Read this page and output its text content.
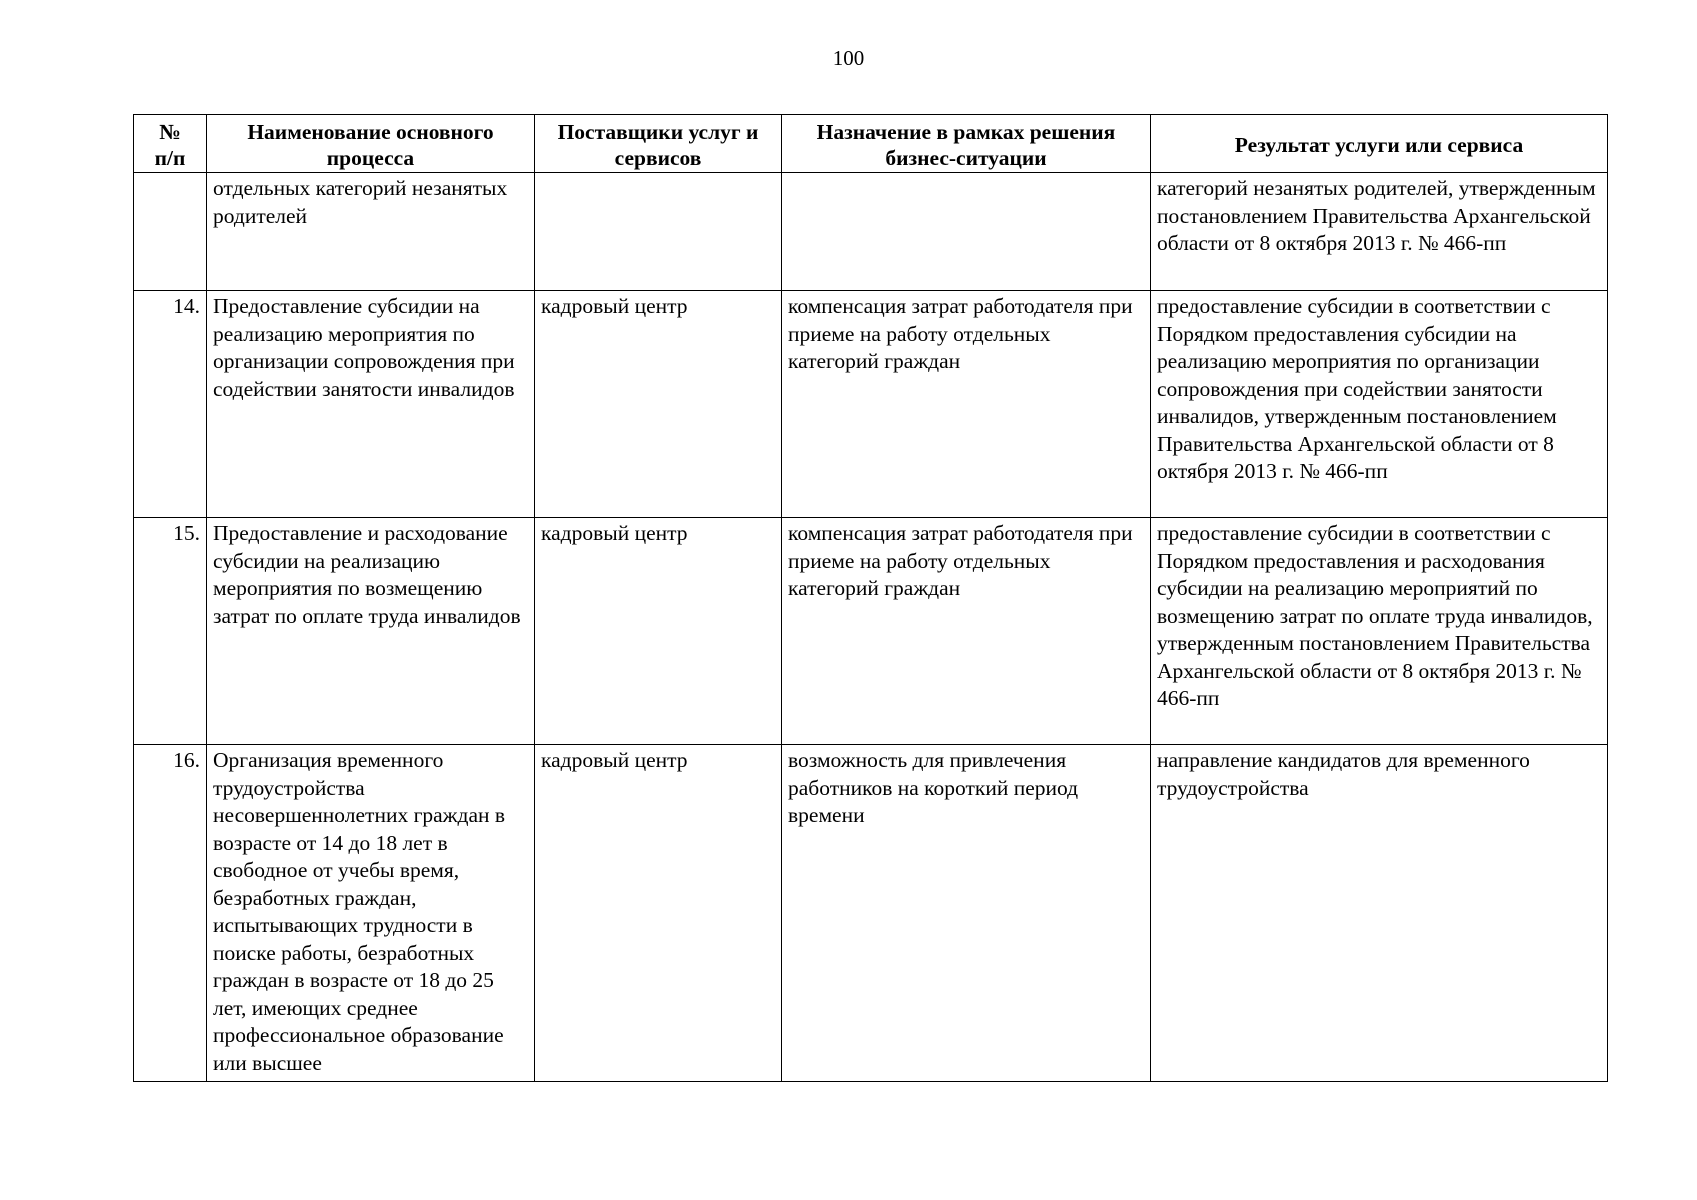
100
№
п/п	Наименование основного процесса	Поставщики услуг и сервисов	Назначение в рамках решения бизнес-ситуации	Результат услуги или сервиса
	отдельных категорий незанятых родителей			категорий незанятых родителей, утвержденным постановлением Правительства Архангельской области от 8 октября 2013 г. № 466-пп
14.	Предоставление субсидии на реализацию мероприятия по организации сопровождения при содействии занятости инвалидов	кадровый центр	компенсация затрат работодателя при приеме на работу отдельных категорий граждан	предоставление субсидии в соответствии с Порядком предоставления субсидии на реализацию мероприятия по организации сопровождения при содействии занятости инвалидов, утвержденным постановлением Правительства Архангельской области от 8 октября 2013 г. № 466-пп
15.	Предоставление и расходование субсидии на реализацию мероприятия по возмещению затрат по оплате труда инвалидов	кадровый центр	компенсация затрат работодателя при приеме на работу отдельных категорий граждан	предоставление субсидии в соответствии с Порядком предоставления и расходования субсидии на реализацию мероприятий по возмещению затрат по оплате труда инвалидов, утвержденным постановлением Правительства Архангельской области от 8 октября 2013 г. № 466-пп
16.	Организация временного трудоустройства несовершеннолетних граждан в возрасте от 14 до 18 лет в свободное от учебы время, безработных граждан, испытывающих трудности в поиске работы, безработных граждан в возрасте от 18 до 25 лет, имеющих среднее профессиональное образование или высшее	кадровый центр	возможность для привлечения работников на короткий период времени	направление кандидатов для временного трудоустройства
